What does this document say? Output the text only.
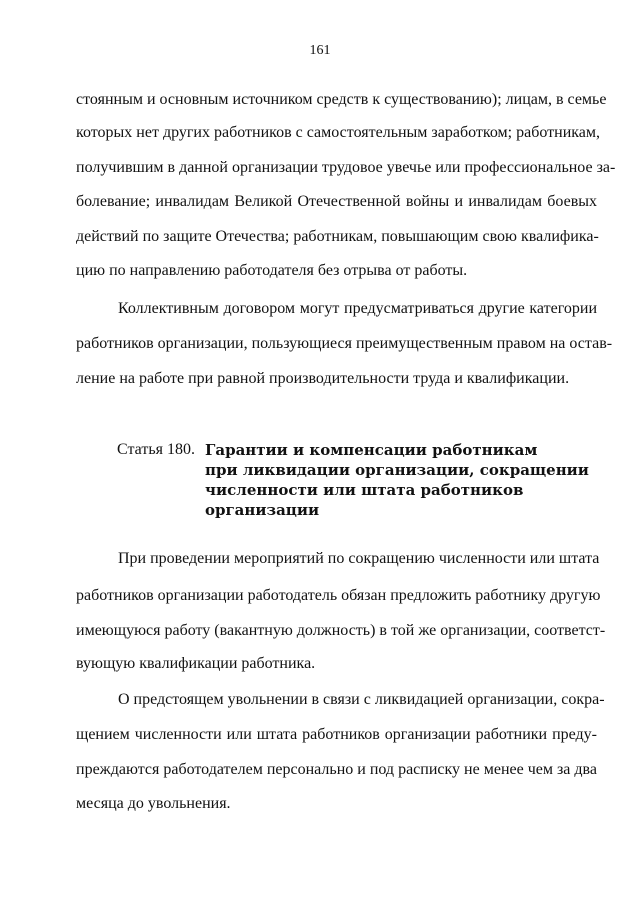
161
стоянным и основным источником средств к существованию); лицам, в семье
которых нет других работников с самостоятельным заработком; работникам,
получившим в данной организации трудовое увечье или профессиональное за-
болевание; инвалидам Великой Отечественной войны и инвалидам боевых
действий по защите Отечества; работникам, повышающим свою квалифика-
цию по направлению работодателя без отрыва от работы.
Коллективным договором могут предусматриваться другие категории
работников организации, пользующиеся преимущественным правом на остав-
ление на работе при равной производительности труда и квалификации.
Статья 180. Гарантии и компенсации работникам
при ликвидации организации, сокращении
численности или штата работников
организации
При проведении мероприятий по сокращению численности или штата
работников организации работодатель обязан предложить работнику другую
имеющуюся работу (вакантную должность) в той же организации, соответст-
вующую квалификации работника.
О предстоящем увольнении в связи с ликвидацией организации, сокра-
щением численности или штата работников организации работники преду-
преждаются работодателем персонально и под расписку не менее чем за два
месяца до увольнения.
